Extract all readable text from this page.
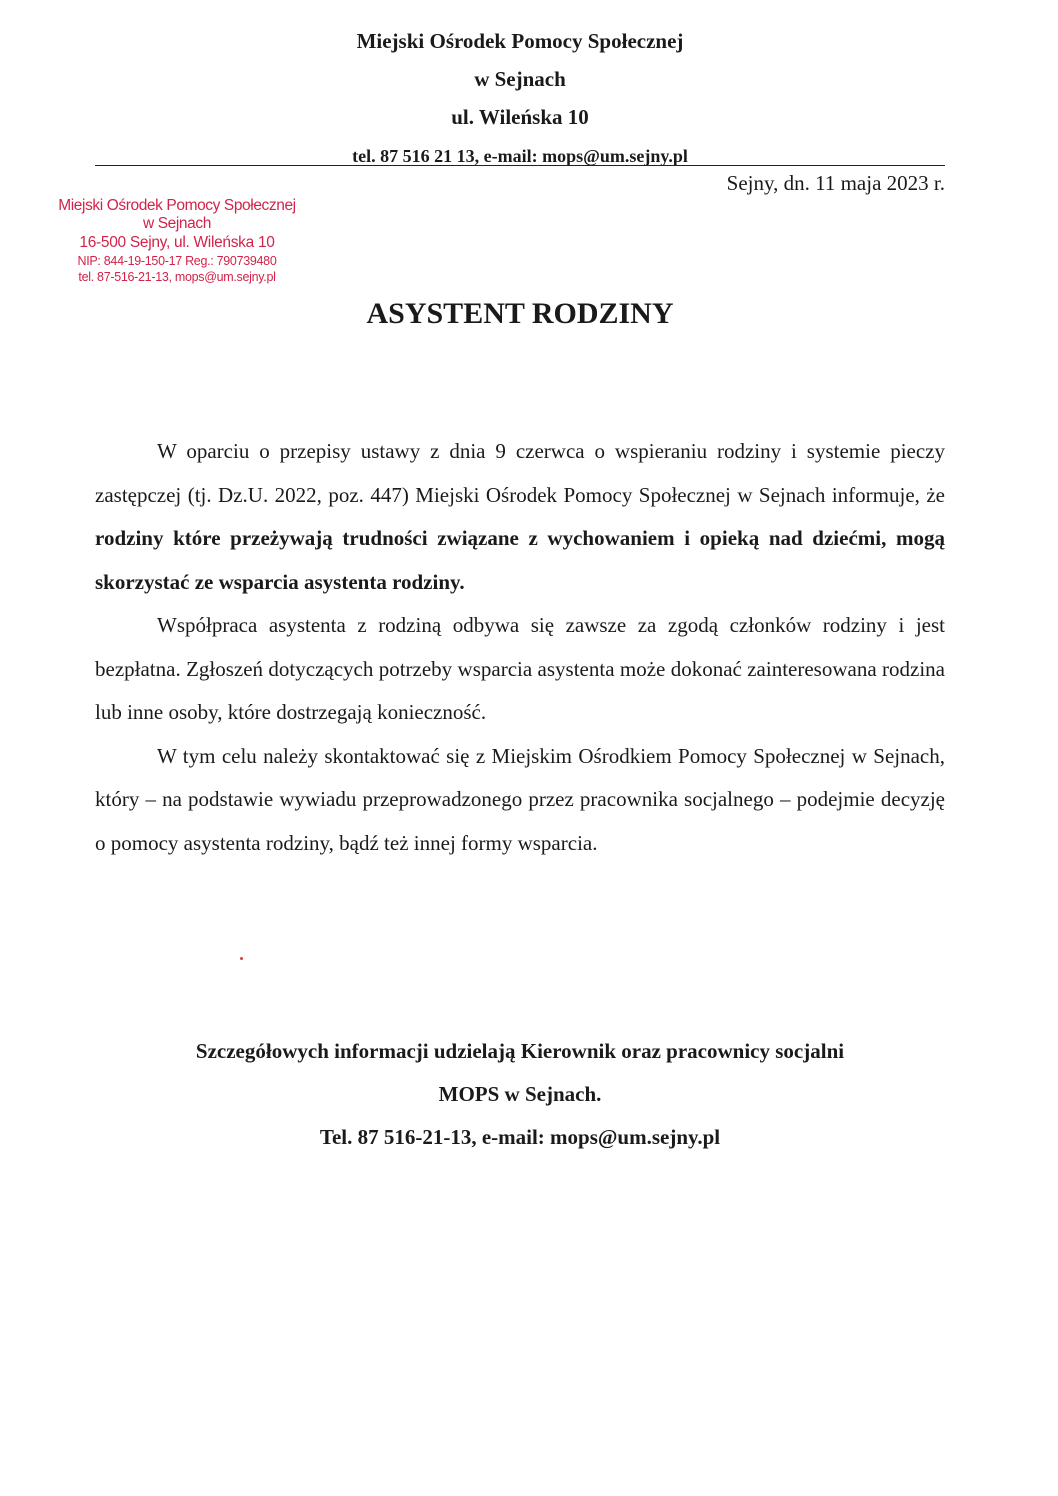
Miejski Ośrodek Pomocy Społecznej
w Sejnach
ul. Wileńska 10
tel. 87 516 21 13, e-mail: mops@um.sejny.pl
Sejny, dn. 11 maja 2023 r.
Miejski Ośrodek Pomocy Społecznej
w Sejnach
16-500 Sejny, ul. Wileńska 10
NIP: 844-19-150-17 Reg.: 790739480
tel. 87-516-21-13, mops@um.sejny.pl
ASYSTENT RODZINY

W oparciu o przepisy ustawy z dnia 9 czerwca o wspieraniu rodziny i systemie pieczy zastępczej (tj. Dz.U. 2022, poz. 447) Miejski Ośrodek Pomocy Społecznej w Sejnach informuje, że rodziny które przeżywają trudności związane z wychowaniem i opieką nad dziećmi, mogą skorzystać ze wsparcia asystenta rodziny.

Współpraca asystenta z rodziną odbywa się zawsze za zgodą członków rodziny i jest bezpłatna. Zgłoszeń dotyczących potrzeby wsparcia asystenta może dokonać zainteresowana rodzina lub inne osoby, które dostrzegają konieczność.

W tym celu należy skontaktować się z Miejskim Ośrodkiem Pomocy Społecznej w Sejnach, który – na podstawie wywiadu przeprowadzonego przez pracownika socjalnego – podejmie decyzję o pomocy asystenta rodziny, bądź też innej formy wsparcia.

Szczegółowych informacji udzielają Kierownik oraz pracownicy socjalni
MOPS w Sejnach.
Tel. 87 516-21-13, e-mail: mops@um.sejny.pl
